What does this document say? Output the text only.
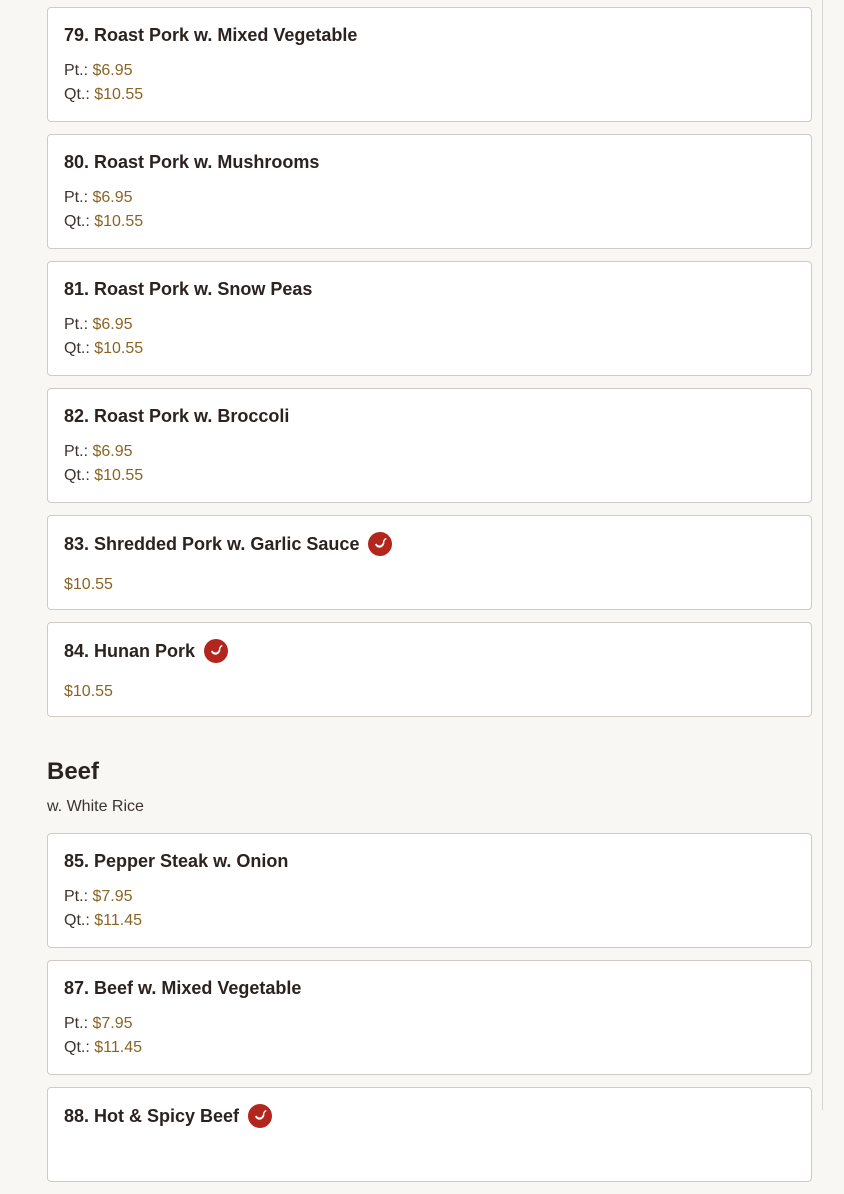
79. Roast Pork w. Mixed Vegetable
Pt.: $6.95
Qt.: $10.55
80. Roast Pork w. Mushrooms
Pt.: $6.95
Qt.: $10.55
81. Roast Pork w. Snow Peas
Pt.: $6.95
Qt.: $10.55
82. Roast Pork w. Broccoli
Pt.: $6.95
Qt.: $10.55
83. Shredded Pork w. Garlic Sauce
$10.55
84. Hunan Pork
$10.55
Beef

w. White Rice

85. Pepper Steak w. Onion
Pt.: $7.95
Qt.: $11.45
87. Beef w. Mixed Vegetable
Pt.: $7.95
Qt.: $11.45
88. Hot & Spicy Beef
